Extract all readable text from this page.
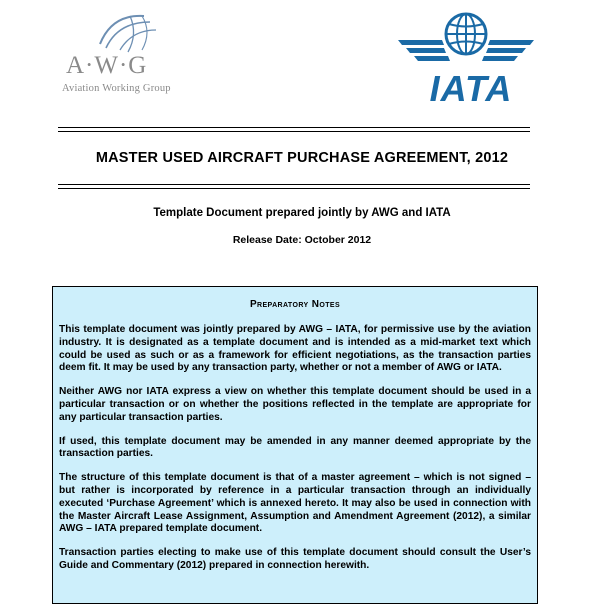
A·W·G
Aviation Working Group	IATA
MASTER USED AIRCRAFT PURCHASE AGREEMENT, 2012
Template Document prepared jointly by AWG and IATA
Release Date: October 2012
Preparatory Notes

This template document was jointly prepared by AWG – IATA, for permissive use by the aviation industry. It is designated as a template document and is intended as a mid-market text which could be used as such or as a framework for efficient negotiations, as the transaction parties deem fit. It may be used by any transaction party, whether or not a member of AWG or IATA.

Neither AWG nor IATA express a view on whether this template document should be used in a particular transaction or on whether the positions reflected in the template are appropriate for any particular transaction parties.

If used, this template document may be amended in any manner deemed appropriate by the transaction parties.

The structure of this template document is that of a master agreement – which is not signed – but rather is incorporated by reference in a particular transaction through an individually executed ‘Purchase Agreement’ which is annexed hereto. It may also be used in connection with the Master Aircraft Lease Assignment, Assumption and Amendment Agreement (2012), a similar AWG – IATA prepared template document.

Transaction parties electing to make use of this template document should consult the User’s Guide and Commentary (2012) prepared in connection herewith.
